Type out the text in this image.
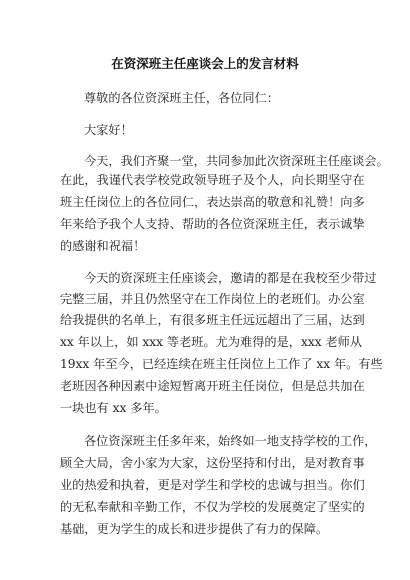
在资深班主任座谈会上的发言材料
尊敬的各位资深班主任，各位同仁：
大家好！
今天，我们齐聚一堂，共同参加此次资深班主任座谈会。
在此，我谨代表学校党政领导班子及个人，向长期坚守在
班主任岗位上的各位同仁，表达崇高的敬意和礼赞！向多
年来给予我个人支持、帮助的各位资深班主任，表示诚挚
的感谢和祝福！
今天的资深班主任座谈会，邀请的都是在我校至少带过
完整三届，并且仍然坚守在工作岗位上的老班们。办公室
给我提供的名单上，有很多班主任远远超出了三届，达到
xx 年以上，如 xxx 等老班。尤为难得的是，xxx 老师从
19xx 年至今，已经连续在班主任岗位上工作了 xx 年。有些
老班因各种因素中途短暂离开班主任岗位，但是总共加在
一块也有 xx 多年。
各位资深班主任多年来，始终如一地支持学校的工作，
顾全大局，舍小家为大家，这份坚持和付出，是对教育事
业的热爱和执着，更是对学生和学校的忠诚与担当。你们
的无私奉献和辛勤工作，不仅为学校的发展奠定了坚实的
基础，更为学生的成长和进步提供了有力的保障。
